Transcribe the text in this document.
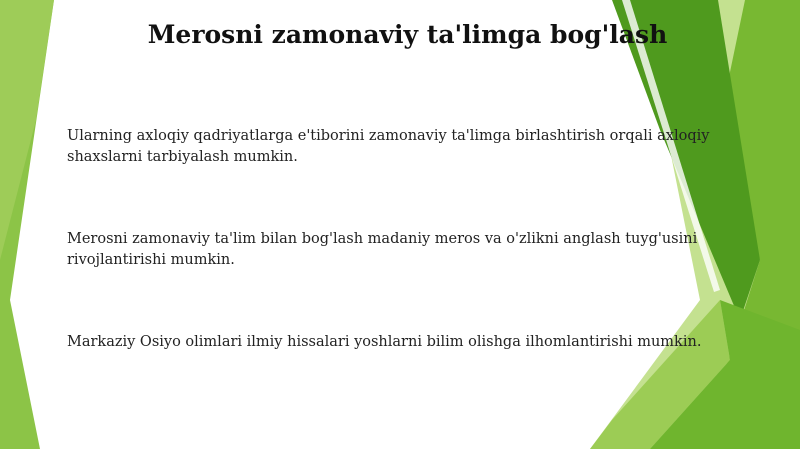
Merosni zamonaviy ta'limga bog'lash
Ularning axloqiy qadriyatlarga e'tiborini zamonaviy ta'limga birlashtirish orqali axloqiy shaxslarni tarbiyalash mumkin.
Merosni zamonaviy ta'lim bilan bog'lash madaniy meros va o'zlikni anglash tuyg'usini rivojlantirishi mumkin.
Markaziy Osiyo olimlari ilmiy hissalari yoshlarni bilim olishga ilhomlantirishi mumkin.
